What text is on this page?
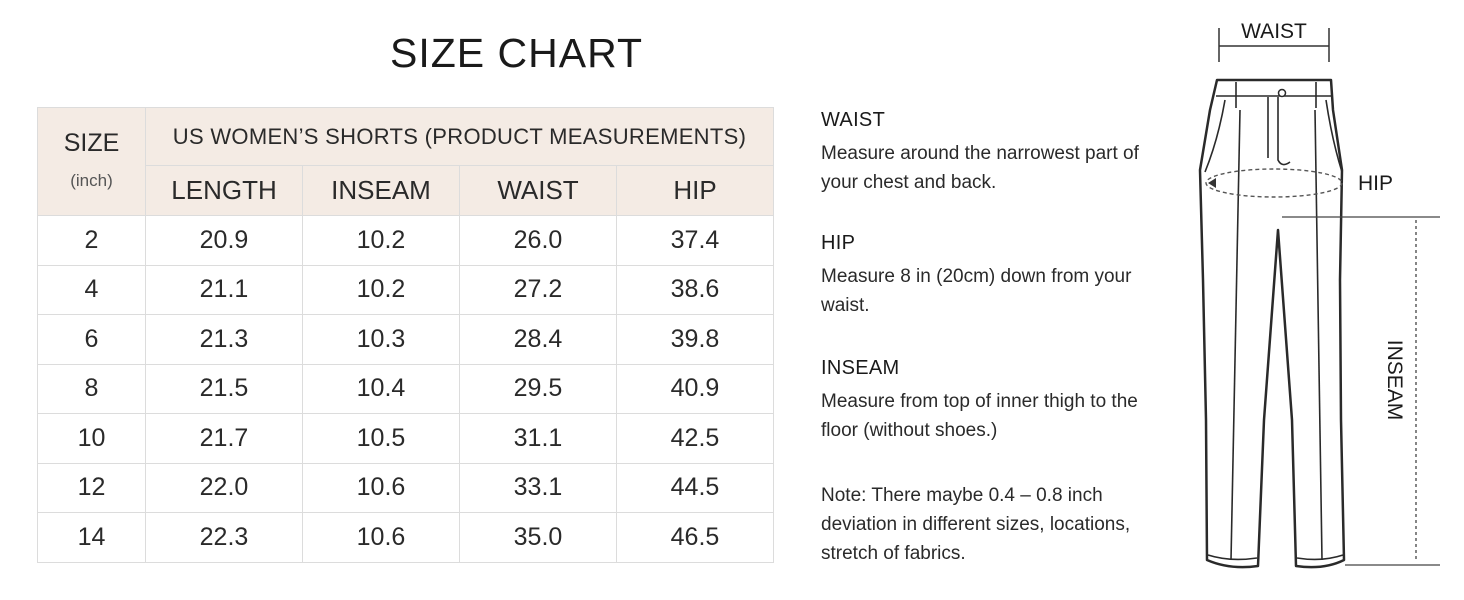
SIZE CHART
SIZE
(inch)	US WOMEN’S SHORTS (PRODUCT MEASUREMENTS)			
	LENGTH	INSEAM	WAIST	HIP
2	20.9	10.2	26.0	37.4
4	21.1	10.2	27.2	38.6
6	21.3	10.3	28.4	39.8
8	21.5	10.4	29.5	40.9
10	21.7	10.5	31.1	42.5
12	22.0	10.6	33.1	44.5
14	22.3	10.6	35.0	46.5
WAIST
Measure around the narrowest part of your chest and back.
HIP
Measure 8 in (20cm) down from your waist.
INSEAM
Measure from top of inner thigh to the floor (without shoes.)
Note: There maybe 0.4 – 0.8 inch deviation in different sizes, locations, stretch of fabrics.
WAIST
HIP
INSEAM
